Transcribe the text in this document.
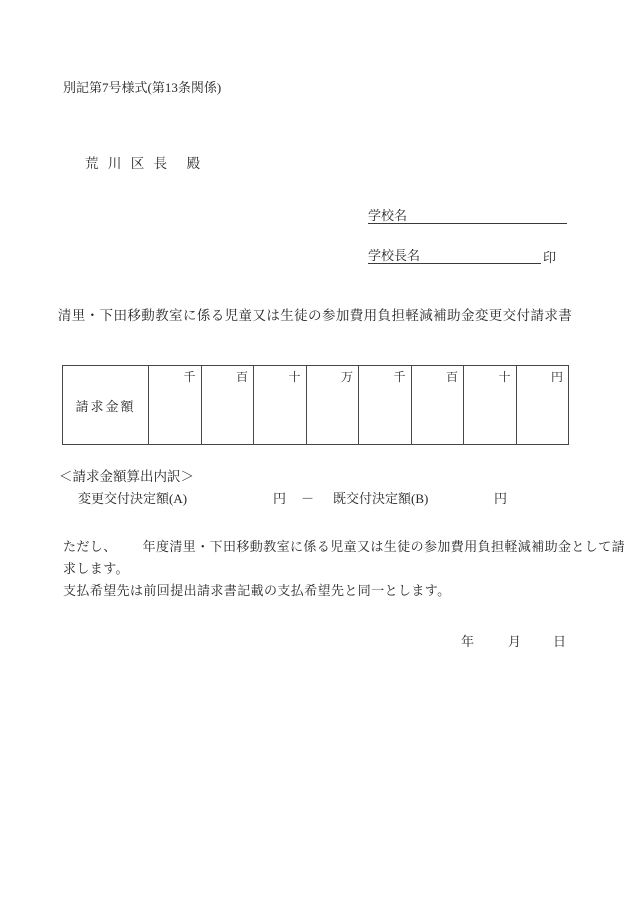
別記第7号様式(第13条関係)
荒 川 区 長　殿
学校名
学校長名	印
清里・下田移動教室に係る児童又は生徒の参加費用負担軽減補助金変更交付請求書
請求金額
千	百	十	万	千	百	十	円
＜請求金額算出内訳＞
変更交付決定額(A)	円 － 既交付決定額(B)	円
ただし、 年度清里・下田移動教室に係る児童又は生徒の参加費用負担軽減補助金として請
求します。
支払希望先は前回提出請求書記載の支払希望先と同一とします。
年	月 日
